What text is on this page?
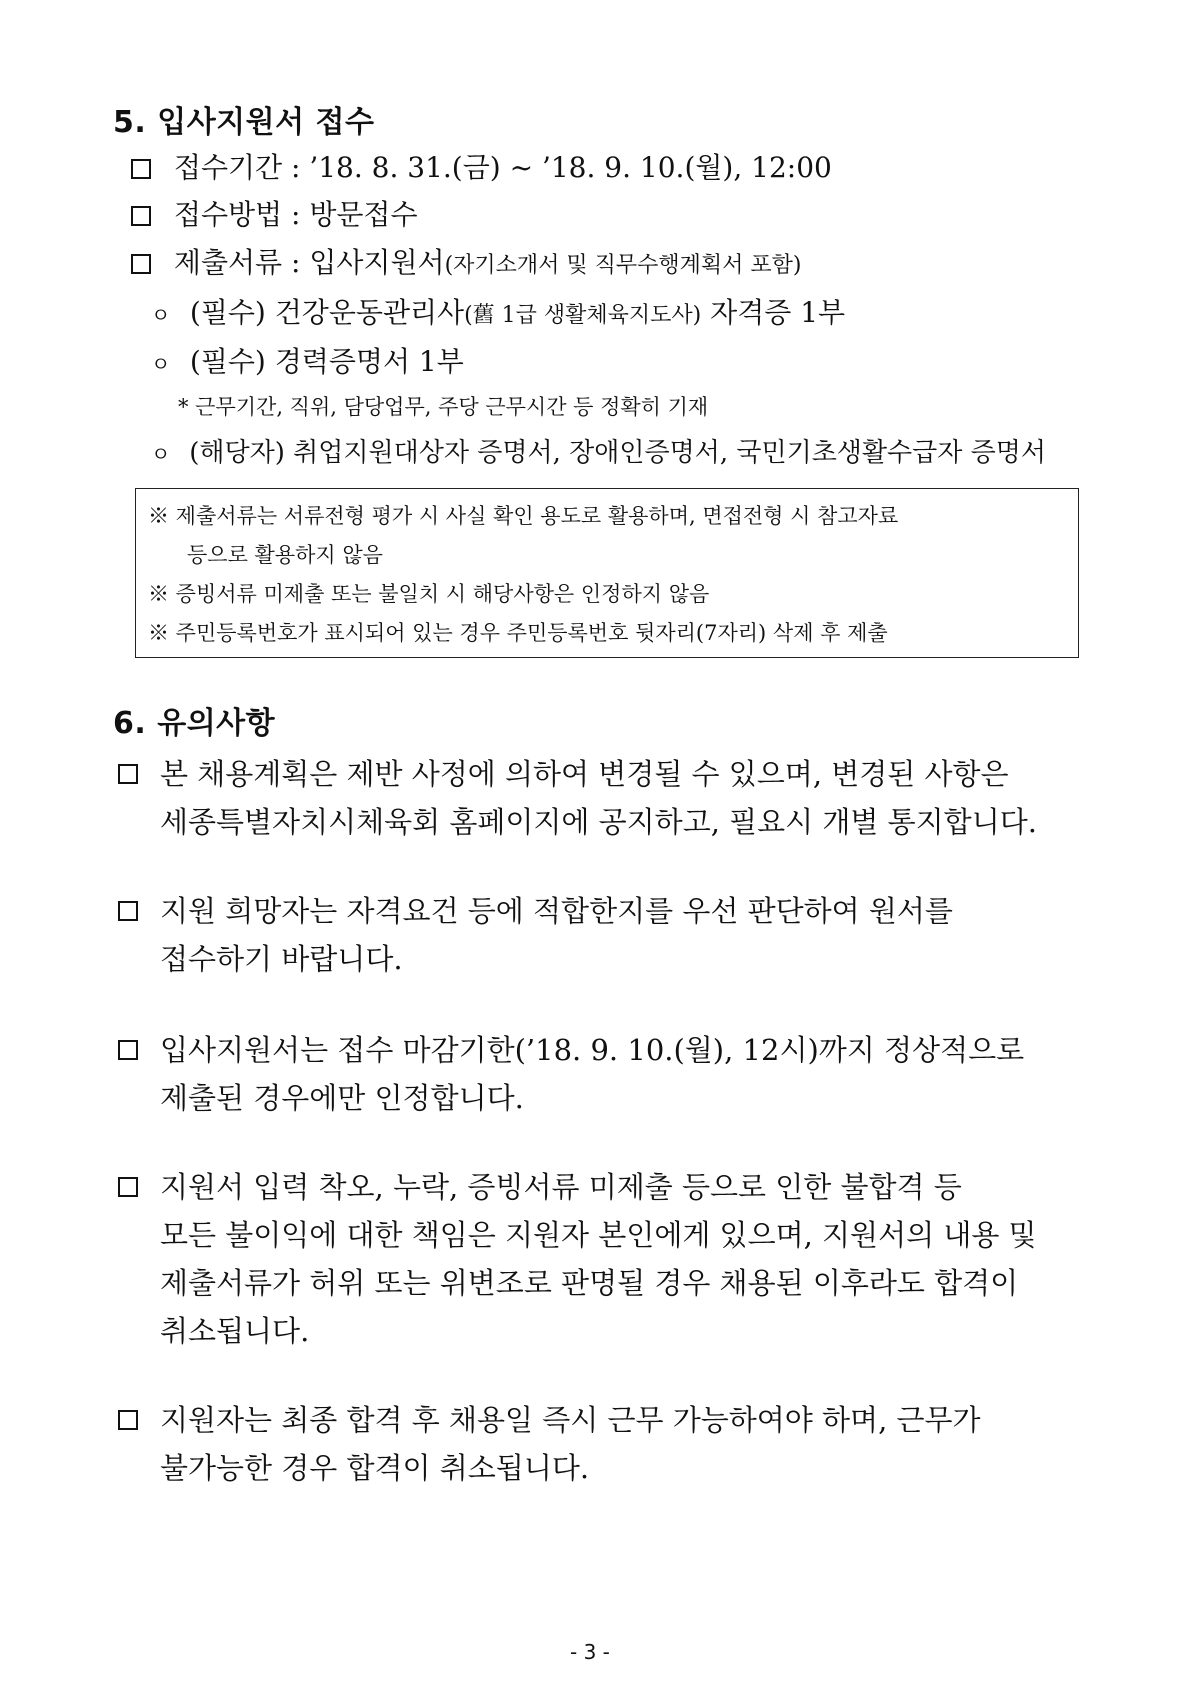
5. 입사지원서 접수
접수기간 : ’18. 8. 31.(금) ~ ’18. 9. 10.(월), 12:00
접수방법 : 방문접수
제출서류 : 입사지원서(자기소개서 및 직무수행계획서 포함)
ㅇ (필수) 건강운동관리사(舊 1급 생활체육지도사) 자격증 1부
ㅇ (필수) 경력증명서 1부
* 근무기간, 직위, 담당업무, 주당 근무시간 등 정확히 기재
ㅇ (해당자) 취업지원대상자 증명서, 장애인증명서, 국민기초생활수급자 증명서
※ 제출서류는 서류전형 평가 시 사실 확인 용도로 활용하며, 면접전형 시 참고자료
등으로 활용하지 않음
※ 증빙서류 미제출 또는 불일치 시 해당사항은 인정하지 않음
※ 주민등록번호가 표시되어 있는 경우 주민등록번호 뒷자리(7자리) 삭제 후 제출
6. 유의사항
본 채용계획은 제반 사정에 의하여 변경될 수 있으며, 변경된 사항은
세종특별자치시체육회 홈페이지에 공지하고, 필요시 개별 통지합니다.
지원 희망자는 자격요건 등에 적합한지를 우선 판단하여 원서를
접수하기 바랍니다.
입사지원서는 접수 마감기한(’18. 9. 10.(월), 12시)까지 정상적으로
제출된 경우에만 인정합니다.
지원서 입력 착오, 누락, 증빙서류 미제출 등으로 인한 불합격 등
모든 불이익에 대한 책임은 지원자 본인에게 있으며, 지원서의 내용 및
제출서류가 허위 또는 위변조로 판명될 경우 채용된 이후라도 합격이
취소됩니다.
지원자는 최종 합격 후 채용일 즉시 근무 가능하여야 하며, 근무가
불가능한 경우 합격이 취소됩니다.
- 3 -
